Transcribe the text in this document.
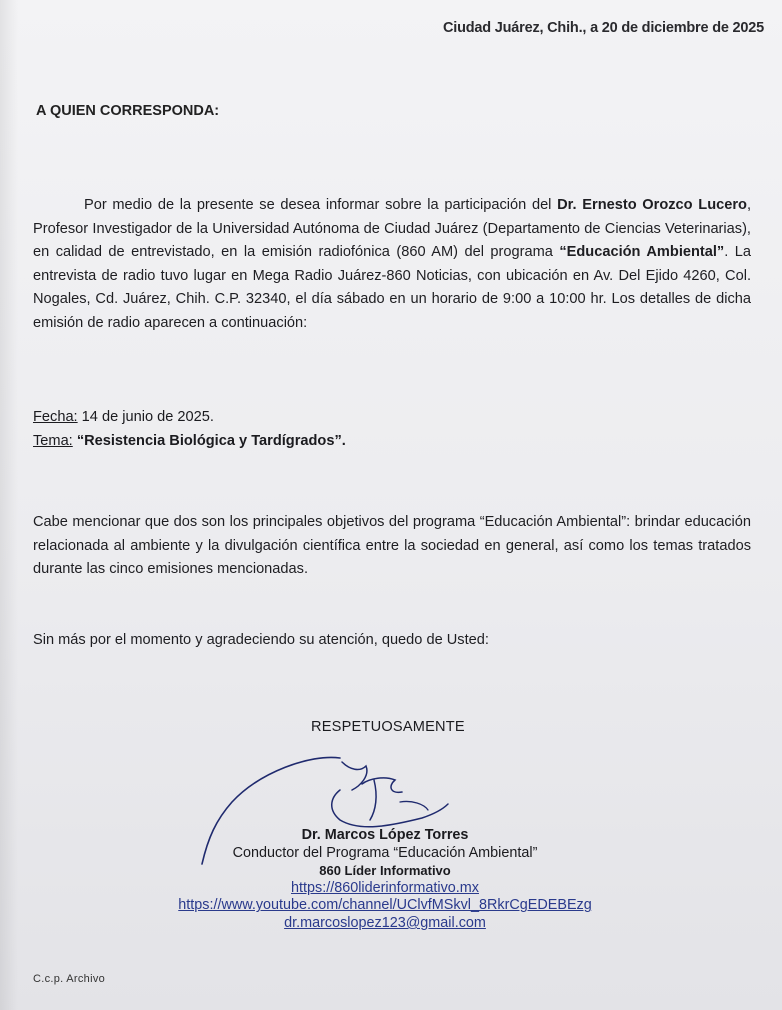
Ciudad Juárez, Chih., a 20 de diciembre de 2025
A QUIEN CORRESPONDA:
Por medio de la presente se desea informar sobre la participación del Dr. Ernesto Orozco Lucero, Profesor Investigador de la Universidad Autónoma de Ciudad Juárez (Departamento de Ciencias Veterinarias), en calidad de entrevistado, en la emisión radiofónica (860 AM) del programa “Educación Ambiental”. La entrevista de radio tuvo lugar en Mega Radio Juárez-860 Noticias, con ubicación en Av. Del Ejido 4260, Col. Nogales, Cd. Juárez, Chih. C.P. 32340, el día sábado en un horario de 9:00 a 10:00 hr. Los detalles de dicha emisión de radio aparecen a continuación:
Fecha: 14 de junio de 2025.
Tema: “Resistencia Biológica y Tardígrados”.
Cabe mencionar que dos son los principales objetivos del programa “Educación Ambiental”: brindar educación relacionada al ambiente y la divulgación científica entre la sociedad en general, así como los temas tratados durante las cinco emisiones mencionadas.
Sin más por el momento y agradeciendo su atención, quedo de Usted:
RESPETUOSAMENTE
Dr. Marcos López Torres
Conductor del Programa “Educación Ambiental”
860 Líder Informativo
https://860liderinformativo.mx
https://www.youtube.com/channel/UClvfMSkvl_8RkrCgEDEBEzg
dr.marcoslopez123@gmail.com
C.c.p. Archivo
